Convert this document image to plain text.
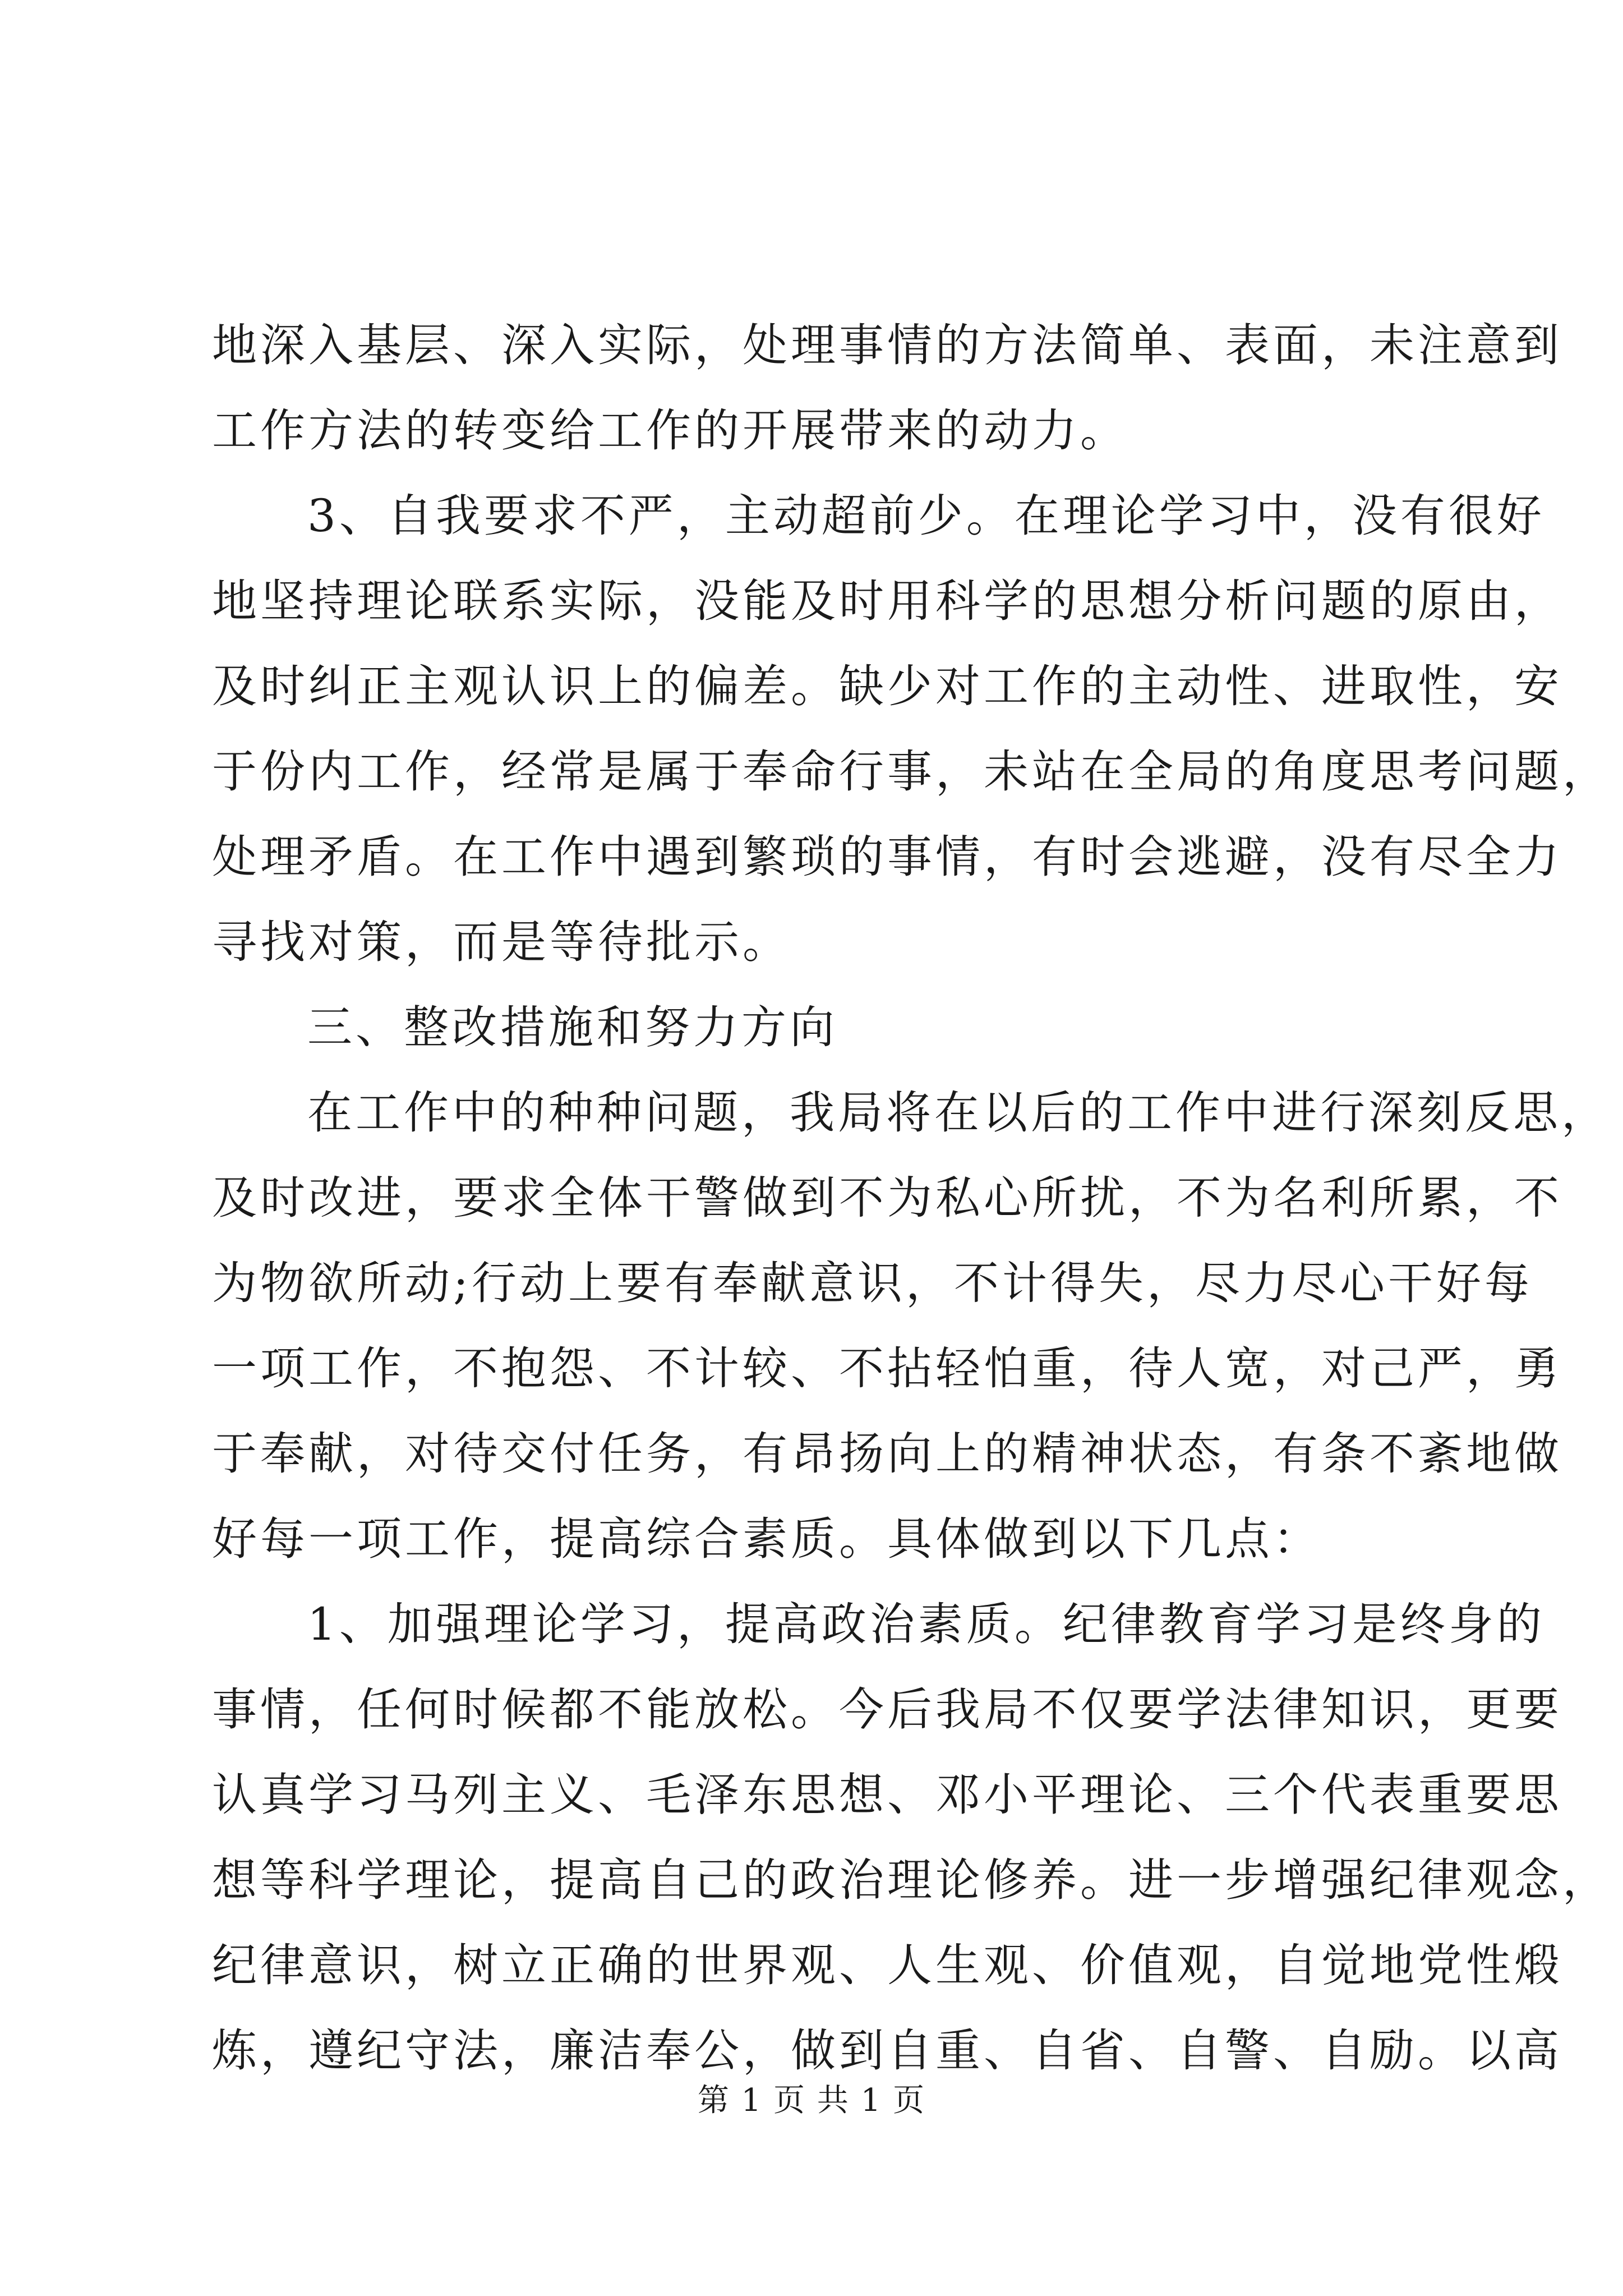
地深入基层、深入实际，处理事情的方法简单、表面，未注意到
工作方法的转变给工作的开展带来的动力。
3、自我要求不严，主动超前少。在理论学习中，没有很好
地坚持理论联系实际，没能及时用科学的思想分析问题的原由，
及时纠正主观认识上的偏差。缺少对工作的主动性、进取性，安
于份内工作，经常是属于奉命行事，未站在全局的角度思考问题，
处理矛盾。在工作中遇到繁琐的事情，有时会逃避，没有尽全力
寻找对策，而是等待批示。
三、整改措施和努力方向
在工作中的种种问题，我局将在以后的工作中进行深刻反思，
及时改进，要求全体干警做到不为私心所扰，不为名利所累，不
为物欲所动;行动上要有奉献意识，不计得失，尽力尽心干好每
一项工作，不抱怨、不计较、不拈轻怕重，待人宽，对己严，勇
于奉献，对待交付任务，有昂扬向上的精神状态，有条不紊地做
好每一项工作，提高综合素质。具体做到以下几点：
1、加强理论学习，提高政治素质。纪律教育学习是终身的
事情，任何时候都不能放松。今后我局不仅要学法律知识，更要
认真学习马列主义、毛泽东思想、邓小平理论、三个代表重要思
想等科学理论，提高自己的政治理论修养。进一步增强纪律观念，
纪律意识，树立正确的世界观、人生观、价值观，自觉地党性煅
炼，遵纪守法，廉洁奉公，做到自重、自省、自警、自励。以高
第 1 页 共 1 页
